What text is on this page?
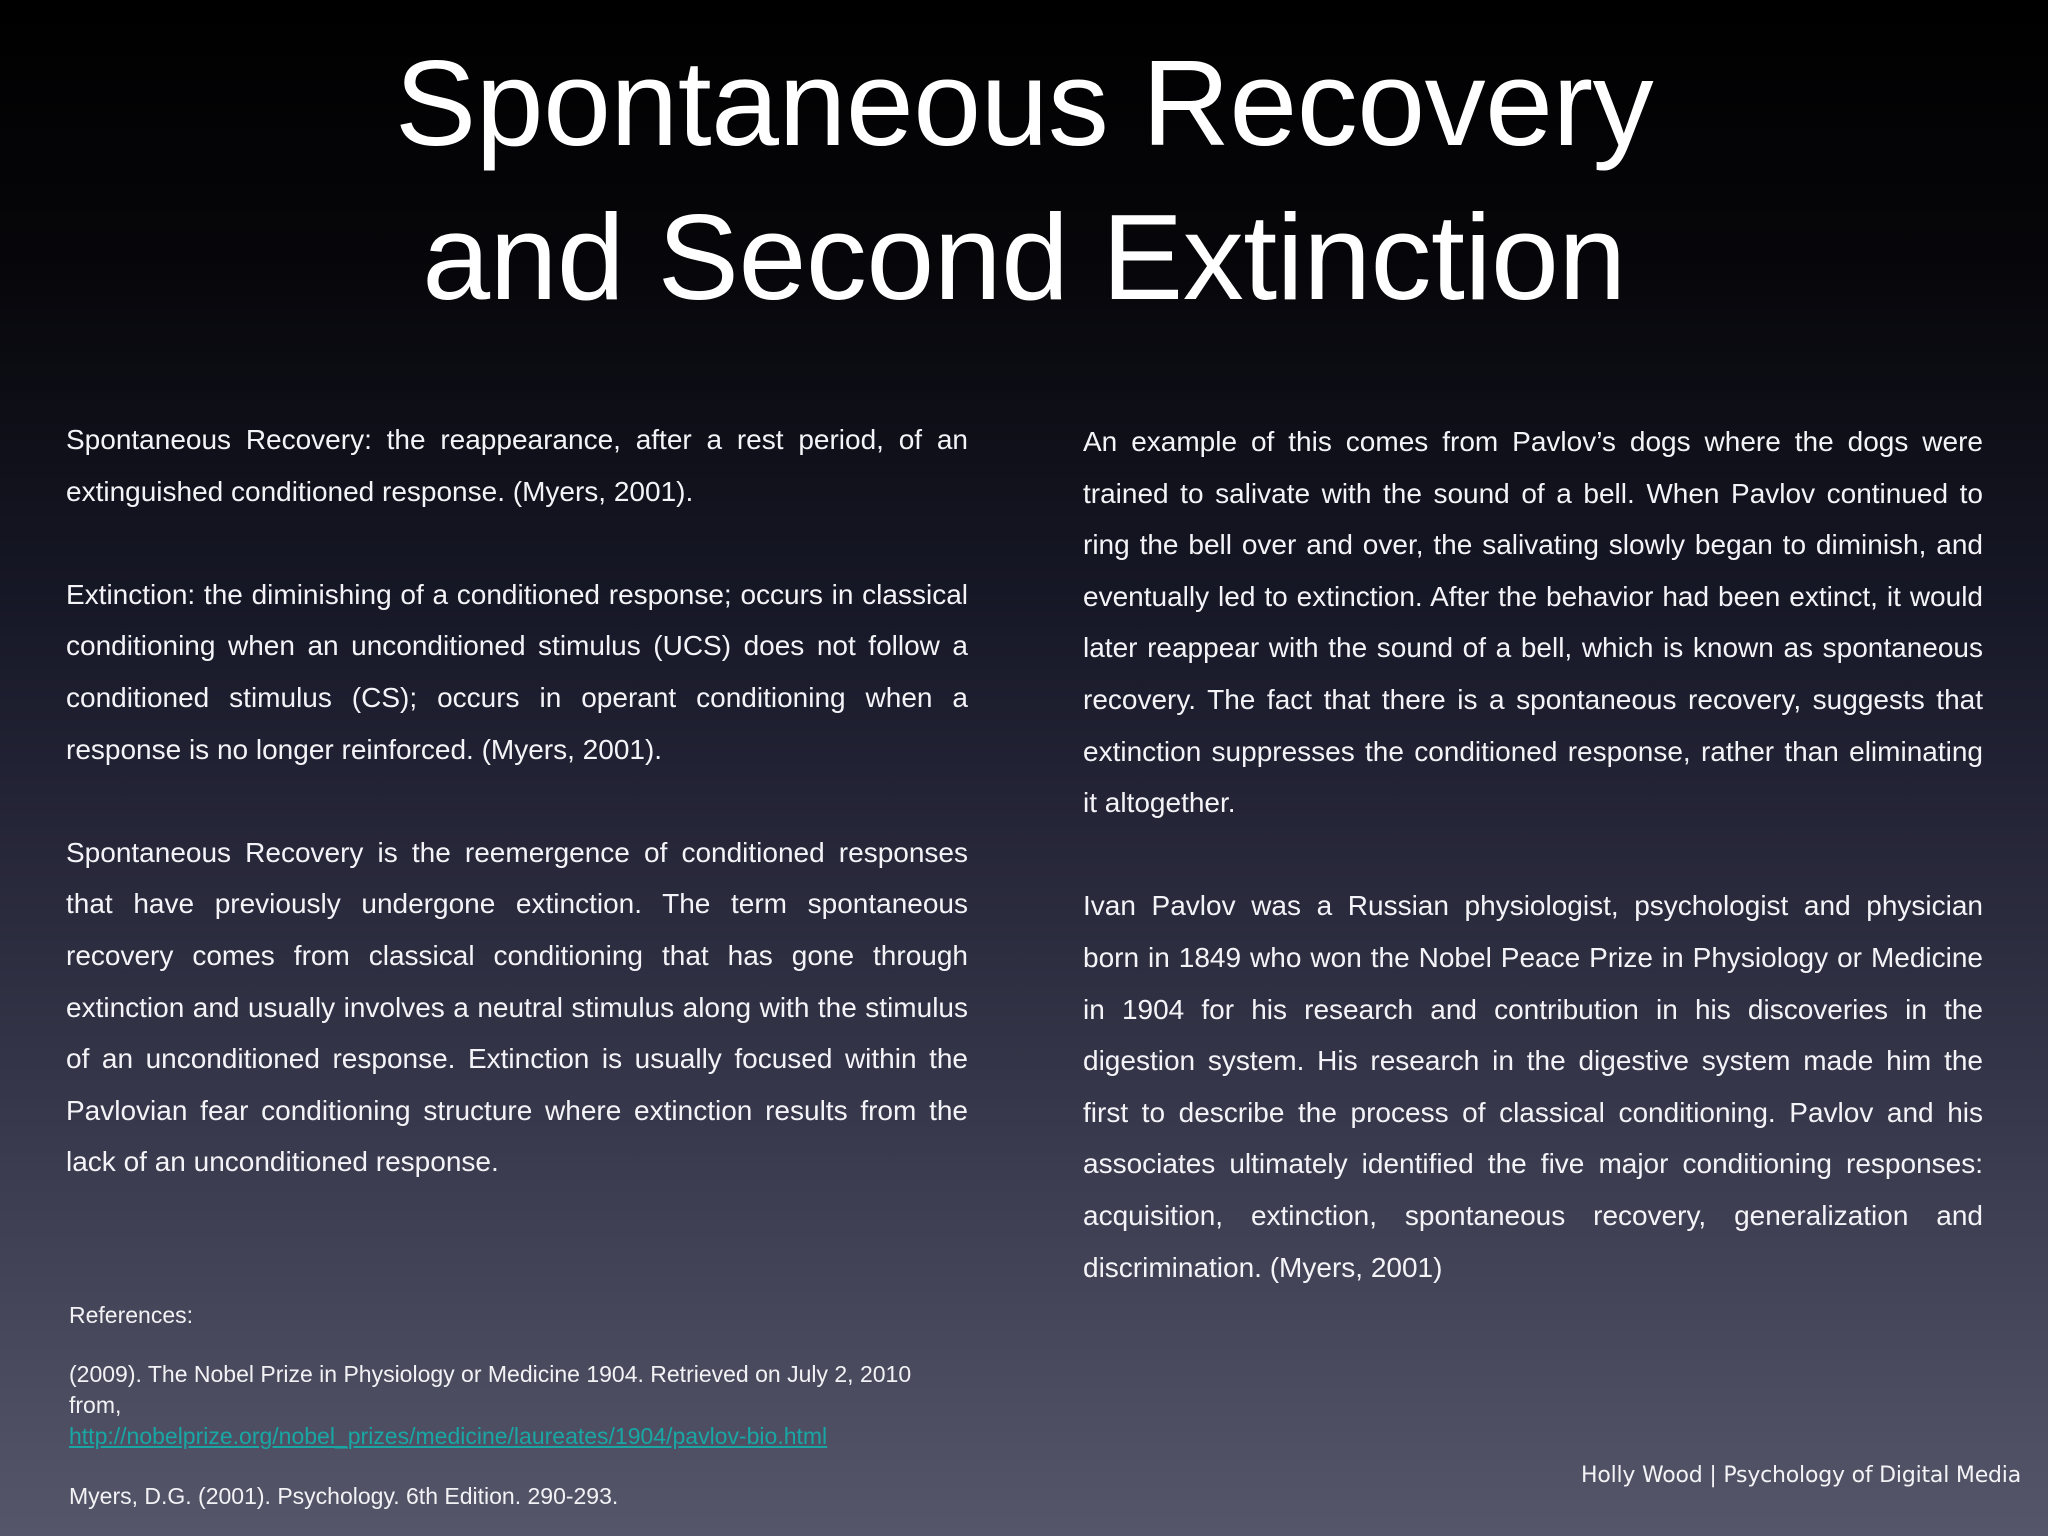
Spontaneous Recovery
and Second Extinction

Spontaneous Recovery: the reappearance, after a rest period, of an extinguished conditioned response. (Myers, 2001).

Extinction: the diminishing of a conditioned response; occurs in classical conditioning when an unconditioned stimulus (UCS) does not follow a conditioned stimulus (CS); occurs in operant conditioning when a response is no longer reinforced. (Myers, 2001).

Spontaneous Recovery is the reemergence of conditioned responses that have previously undergone extinction. The term spontaneous recovery comes from classical conditioning that has gone through extinction and usually involves a neutral stimulus along with the stimulus of an unconditioned response. Extinction is usually focused within the Pavlovian fear conditioning structure where extinction results from the lack of an unconditioned response.

An example of this comes from Pavlov’s dogs where the dogs were trained to salivate with the sound of a bell. When Pavlov continued to ring the bell over and over, the salivating slowly began to diminish, and eventually led to extinction. After the behavior had been extinct, it would later reappear with the sound of a bell, which is known as spontaneous recovery. The fact that there is a spontaneous recovery, suggests that extinction suppresses the conditioned response, rather than eliminating it altogether.

Ivan Pavlov was a Russian physiologist, psychologist and physician born in 1849 who won the Nobel Peace Prize in Physiology or Medicine in 1904 for his research and contribution in his discoveries in the digestion system. His research in the digestive system made him the first to describe the process of classical conditioning. Pavlov and his associates ultimately identified the five major conditioning responses: acquisition, extinction, spontaneous recovery, generalization and discrimination. (Myers, 2001)

References:

(2009). The Nobel Prize in Physiology or Medicine 1904. Retrieved on July 2, 2010 from,
http://nobelprize.org/nobel_prizes/medicine/laureates/1904/pavlov-bio.html

Myers, D.G. (2001). Psychology. 6th Edition. 290-293.

Holly Wood | Psychology of Digital Media
